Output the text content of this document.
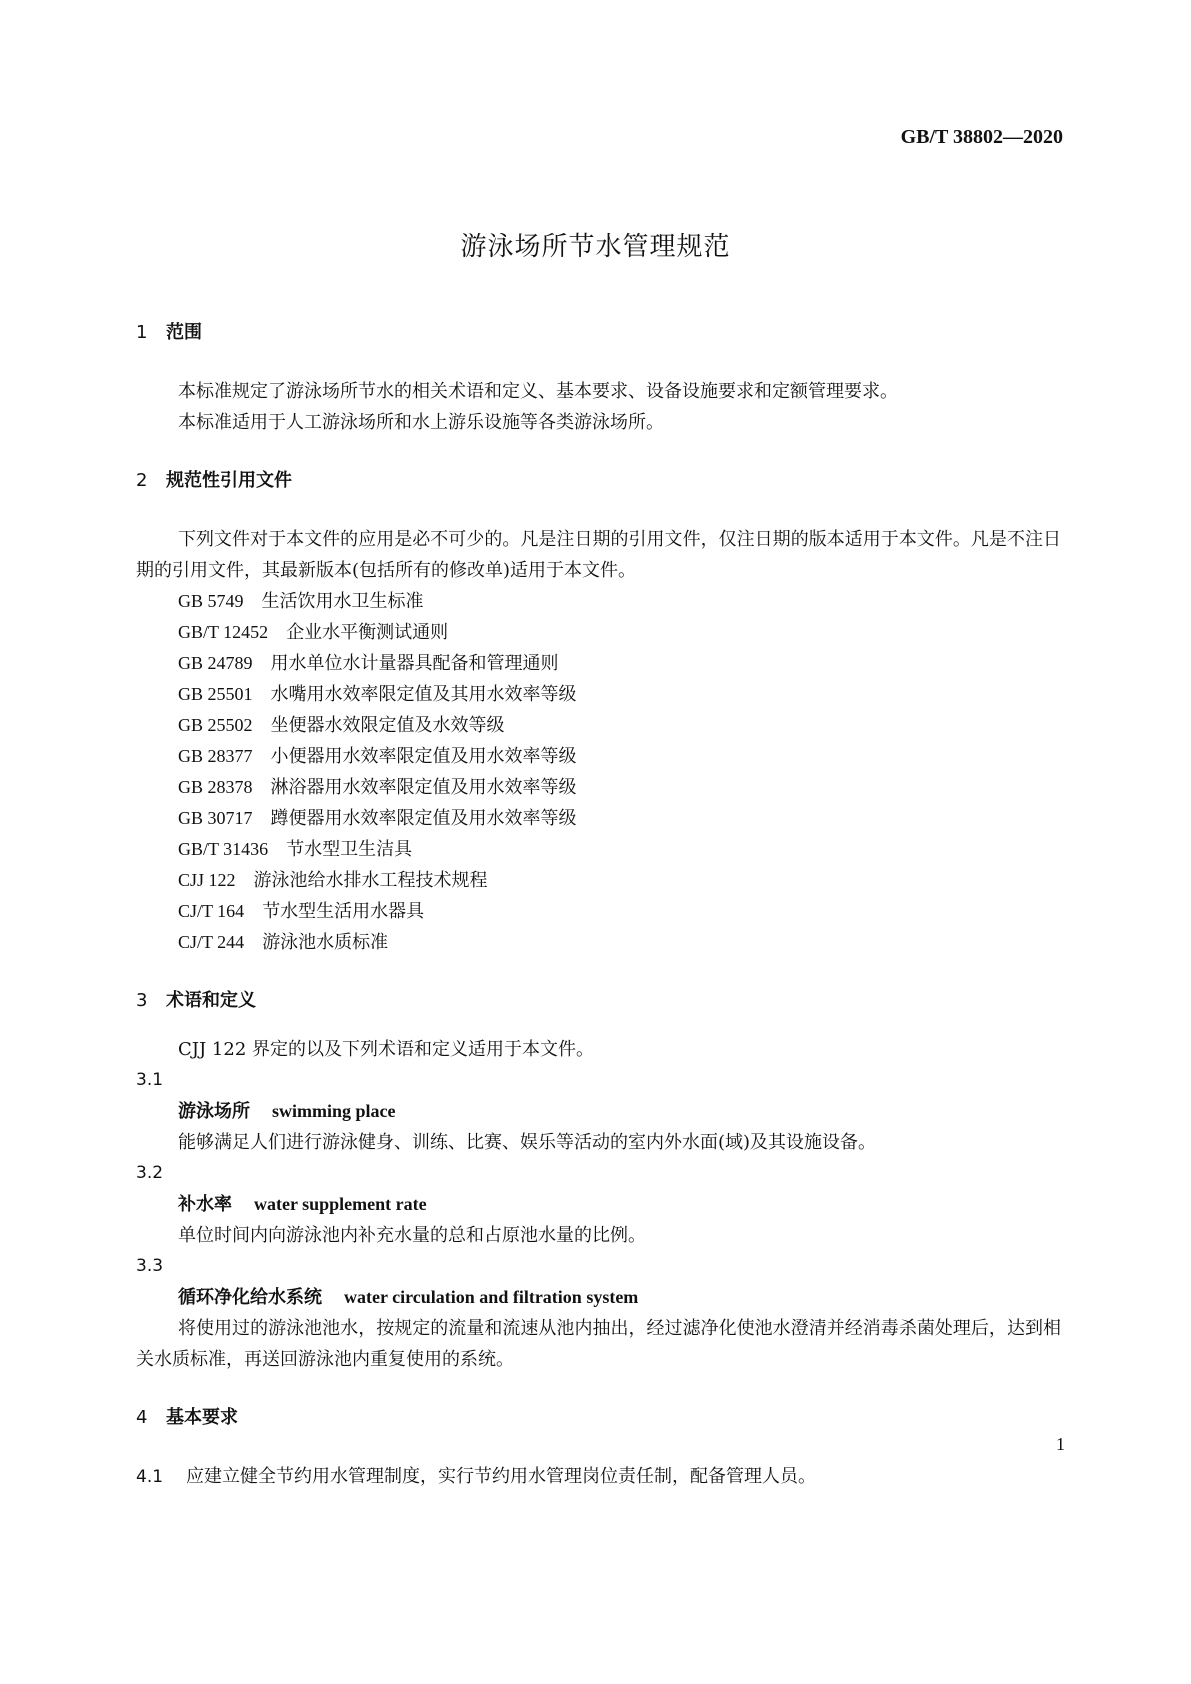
GB/T 38802—2020
游泳场所节水管理规范
1 范围
本标准规定了游泳场所节水的相关术语和定义、基本要求、设备设施要求和定额管理要求。
本标准适用于人工游泳场所和水上游乐设施等各类游泳场所。
2 规范性引用文件
下列文件对于本文件的应用是必不可少的。凡是注日期的引用文件，仅注日期的版本适用于本文件。凡是不注日期的引用文件，其最新版本(包括所有的修改单)适用于本文件。
GB 5749 生活饮用水卫生标准
GB/T 12452 企业水平衡测试通则
GB 24789 用水单位水计量器具配备和管理通则
GB 25501 水嘴用水效率限定值及其用水效率等级
GB 25502 坐便器水效限定值及水效等级
GB 28377 小便器用水效率限定值及用水效率等级
GB 28378 淋浴器用水效率限定值及用水效率等级
GB 30717 蹲便器用水效率限定值及用水效率等级
GB/T 31436 节水型卫生洁具
CJJ 122 游泳池给水排水工程技术规程
CJ/T 164 节水型生活用水器具
CJ/T 244 游泳池水质标准
3 术语和定义
CJJ 122 界定的以及下列术语和定义适用于本文件。
3.1
游泳场所 swimming place
能够满足人们进行游泳健身、训练、比赛、娱乐等活动的室内外水面(域)及其设施设备。
3.2
补水率 water supplement rate
单位时间内向游泳池内补充水量的总和占原池水量的比例。
3.3
循环净化给水系统 water circulation and filtration system
将使用过的游泳池池水，按规定的流量和流速从池内抽出，经过滤净化使池水澄清并经消毒杀菌处理后，达到相关水质标准，再送回游泳池内重复使用的系统。
4 基本要求
4.1 应建立健全节约用水管理制度，实行节约用水管理岗位责任制，配备管理人员。
1
